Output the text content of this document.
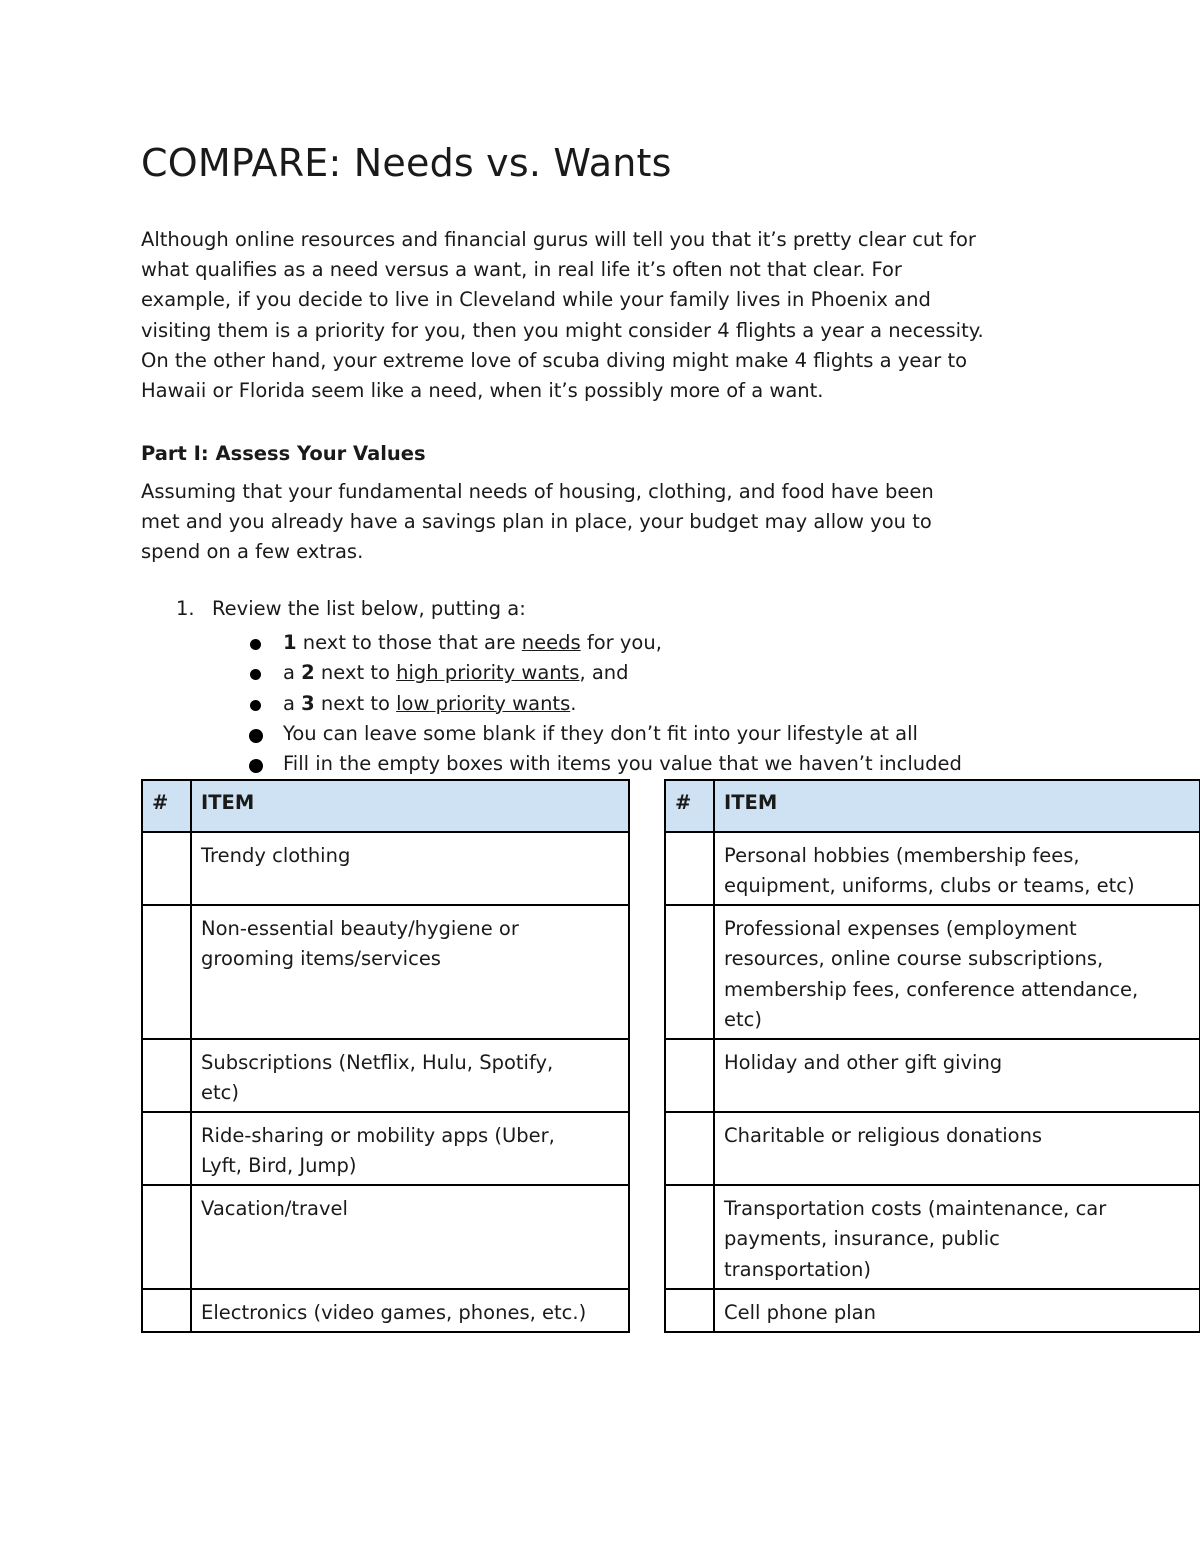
COMPARE: Needs vs. Wants

Although online resources and financial gurus will tell you that it’s pretty clear cut for
what qualifies as a need versus a want, in real life it’s often not that clear. For
example, if you decide to live in Cleveland while your family lives in Phoenix and
visiting them is a priority for you, then you might consider 4 flights a year a necessity.
On the other hand, your extreme love of scuba diving might make 4 flights a year to
Hawaii or Florida seem like a need, when it’s possibly more of a want.

Part I: Assess Your Values

Assuming that your fundamental needs of housing, clothing, and food have been
met and you already have a savings plan in place, your budget may allow you to
spend on a few extras.

1. Review the list below, putting a:
1 next to those that are needs for you,
a 2 next to high priority wants, and
a 3 next to low priority wants.
You can leave some blank if they don’t fit into your lifestyle at all
Fill in the empty boxes with items you value that we haven’t included
#	ITEM

	Trendy clothing

	Non-essential beauty/hygiene or
grooming items/services

	Subscriptions (Netflix, Hulu, Spotify,
etc)

	Ride-sharing or mobility apps (Uber,
Lyft, Bird, Jump)

	Vacation/travel

	Electronics (video games, phones, etc.)
#	ITEM

	Personal hobbies (membership fees,
equipment, uniforms, clubs or teams, etc)

	Professional expenses (employment
resources, online course subscriptions,
membership fees, conference attendance,
etc)

	Holiday and other gift giving

	Charitable or religious donations

	Transportation costs (maintenance, car
payments, insurance, public
transportation)

	Cell phone plan
